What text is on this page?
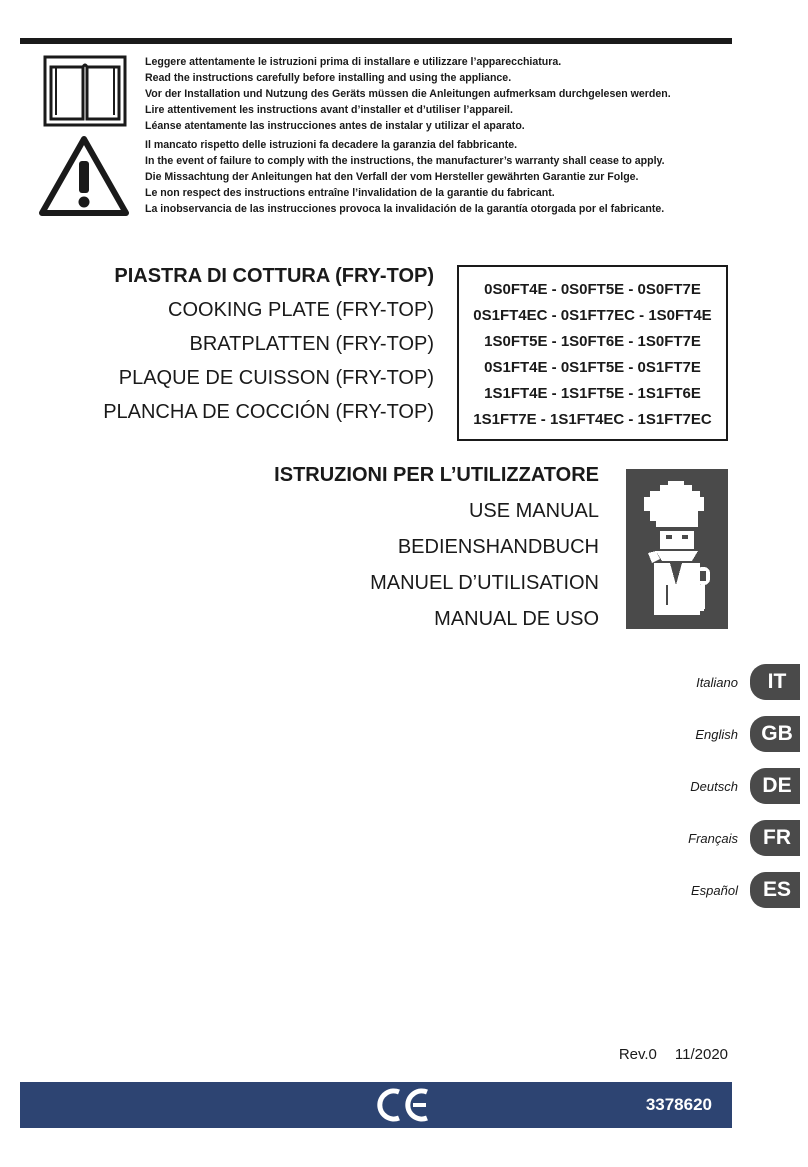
Leggere attentamente le istruzioni prima di installare e utilizzare l’apparecchiatura.
Read the instructions carefully before installing and using the appliance.
Vor der Installation und Nutzung des Geräts müssen die Anleitungen aufmerksam durchgelesen werden.
Lire attentivement les instructions avant d’installer et d’utiliser l’appareil.
Léanse atentamente las instrucciones antes de instalar y utilizar el aparato.
Il mancato rispetto delle istruzioni fa decadere la garanzia del fabbricante.
In the event of failure to comply with the instructions, the manufacturer’s warranty shall cease to apply.
Die Missachtung der Anleitungen hat den Verfall der vom Hersteller gewährten Garantie zur Folge.
Le non respect des instructions entraîne l’invalidation de la garantie du fabricant.
La inobservancia de las instrucciones provoca la invalidación de la garantía otorgada por el fabricante.
PIASTRA DI COTTURA (FRY-TOP)
COOKING PLATE (FRY-TOP)
BRATPLATTEN (FRY-TOP)
PLAQUE DE CUISSON (FRY-TOP)
PLANCHA DE COCCIÓN (FRY-TOP)
0S0FT4E - 0S0FT5E - 0S0FT7E
0S1FT4EC - 0S1FT7EC - 1S0FT4E
1S0FT5E - 1S0FT6E - 1S0FT7E
0S1FT4E - 0S1FT5E - 0S1FT7E
1S1FT4E - 1S1FT5E - 1S1FT6E
1S1FT7E - 1S1FT4EC - 1S1FT7EC
ISTRUZIONI PER L’UTILIZZATORE
USE MANUAL
BEDIENSHANDBUCH
MANUEL D’UTILISATION
MANUAL DE USO
Italiano	IT
English	GB
Deutsch	DE
Français	FR
Español	ES
Rev.0 11/2020
3378620
